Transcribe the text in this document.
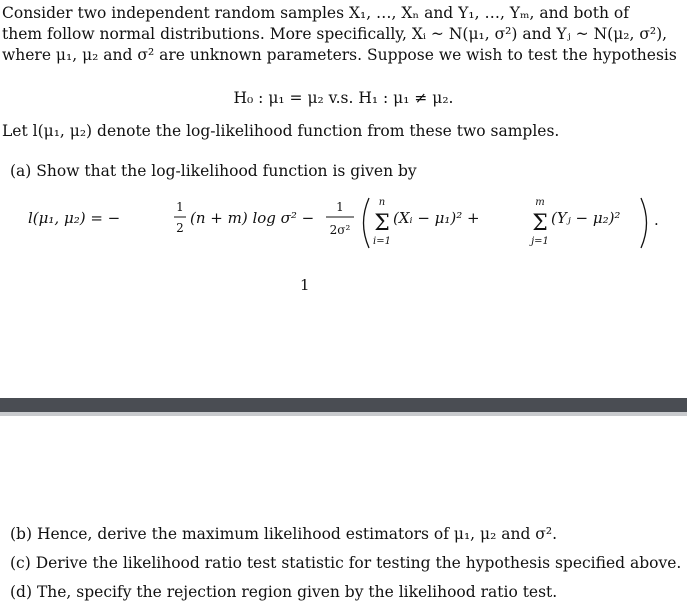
Consider two independent random samples X₁, …, Xₙ and Y₁, …, Yₘ, and both of
them follow normal distributions. More specifically, Xᵢ ~ N(μ₁, σ²) and Yⱼ ~ N(μ₂, σ²),
where μ₁, μ₂ and σ² are unknown parameters. Suppose we wish to test the hypothesis
H₀ : μ₁ = μ₂ v.s. H₁ : μ₁ ≠ μ₂.
Let l(μ₁, μ₂) denote the log-likelihood function from these two samples.
(a) Show that the log-likelihood function is given by
l(μ₁, μ₂) = −
1
2
(n + m) log σ² −
1
2σ²
n
Σ
i=1
(Xᵢ − μ₁)² +
m
Σ
j=1
(Yⱼ − μ₂)² .
1
(b) Hence, derive the maximum likelihood estimators of μ₁, μ₂ and σ².
(c) Derive the likelihood ratio test statistic for testing the hypothesis specified above.
(d) The, specify the rejection region given by the likelihood ratio test.
